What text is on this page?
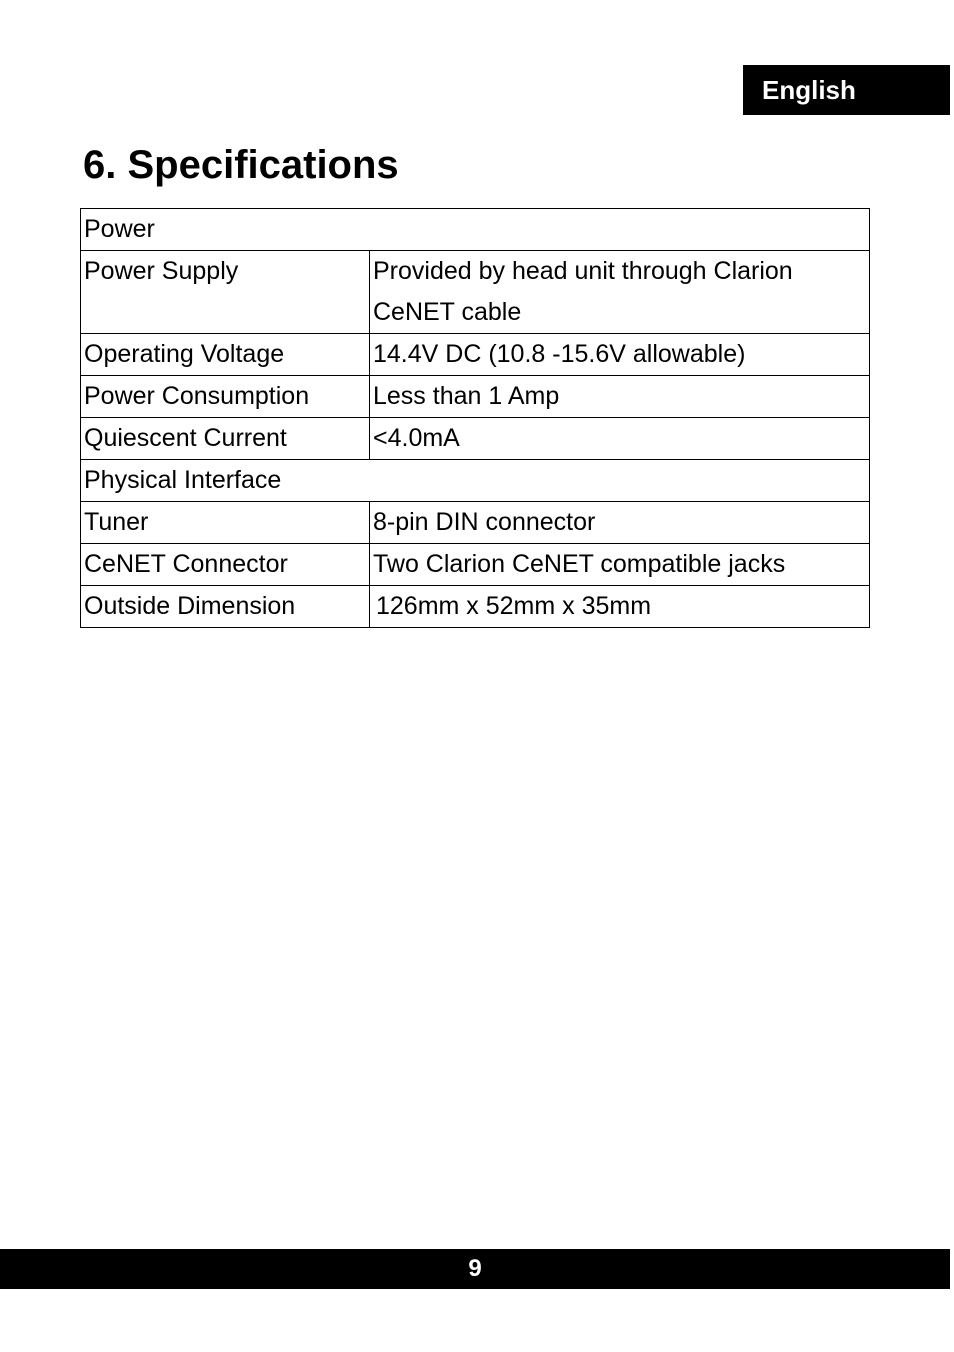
English
6. Specifications
Power	
Power Supply	Provided by head unit through Clarion
CeNET cable

Operating Voltage	14.4V DC (10.8 -15.6V allowable)
Power Consumption	Less than 1 Amp
Quiescent Current	<4.0mA
Physical Interface	
Tuner	8-pin DIN connector
CeNET Connector	Two Clarion CeNET compatible jacks
Outside Dimension	126mm x 52mm x 35mm
9
